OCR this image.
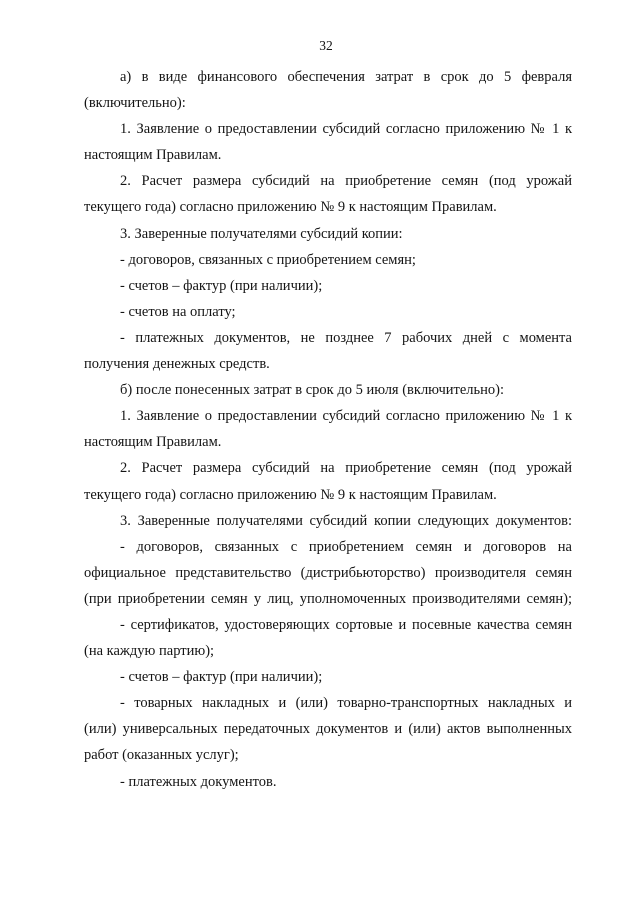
32

а) в виде финансового обеспечения затрат в срок до 5 февраля

(включительно):

1. Заявление о предоставлении субсидий согласно приложению № 1 к

настоящим Правилам.

2. Расчет размера субсидий на приобретение семян (под урожай

текущего года) согласно приложению № 9 к настоящим Правилам.

3. Заверенные получателями субсидий копии:

- договоров, связанных с приобретением семян;

- счетов – фактур (при наличии);

- счетов на оплату;

- платежных документов, не позднее 7 рабочих дней с момента

получения денежных средств.

б) после понесенных затрат в срок до 5 июля (включительно):

1. Заявление о предоставлении субсидий согласно приложению № 1 к

настоящим Правилам.

2. Расчет размера субсидий на приобретение семян (под урожай

текущего года) согласно приложению № 9 к настоящим Правилам.

3. Заверенные получателями субсидий копии следующих документов:

- договоров, связанных с приобретением семян и договоров на

официальное представительство (дистрибьюторство) производителя семян

(при приобретении семян у лиц, уполномоченных производителями семян);

- сертификатов, удостоверяющих сортовые и посевные качества семян

(на каждую партию);

- счетов – фактур (при наличии);

- товарных накладных и (или) товарно-транспортных накладных и

(или) универсальных передаточных документов и (или) актов выполненных

работ (оказанных услуг);

- платежных документов.
